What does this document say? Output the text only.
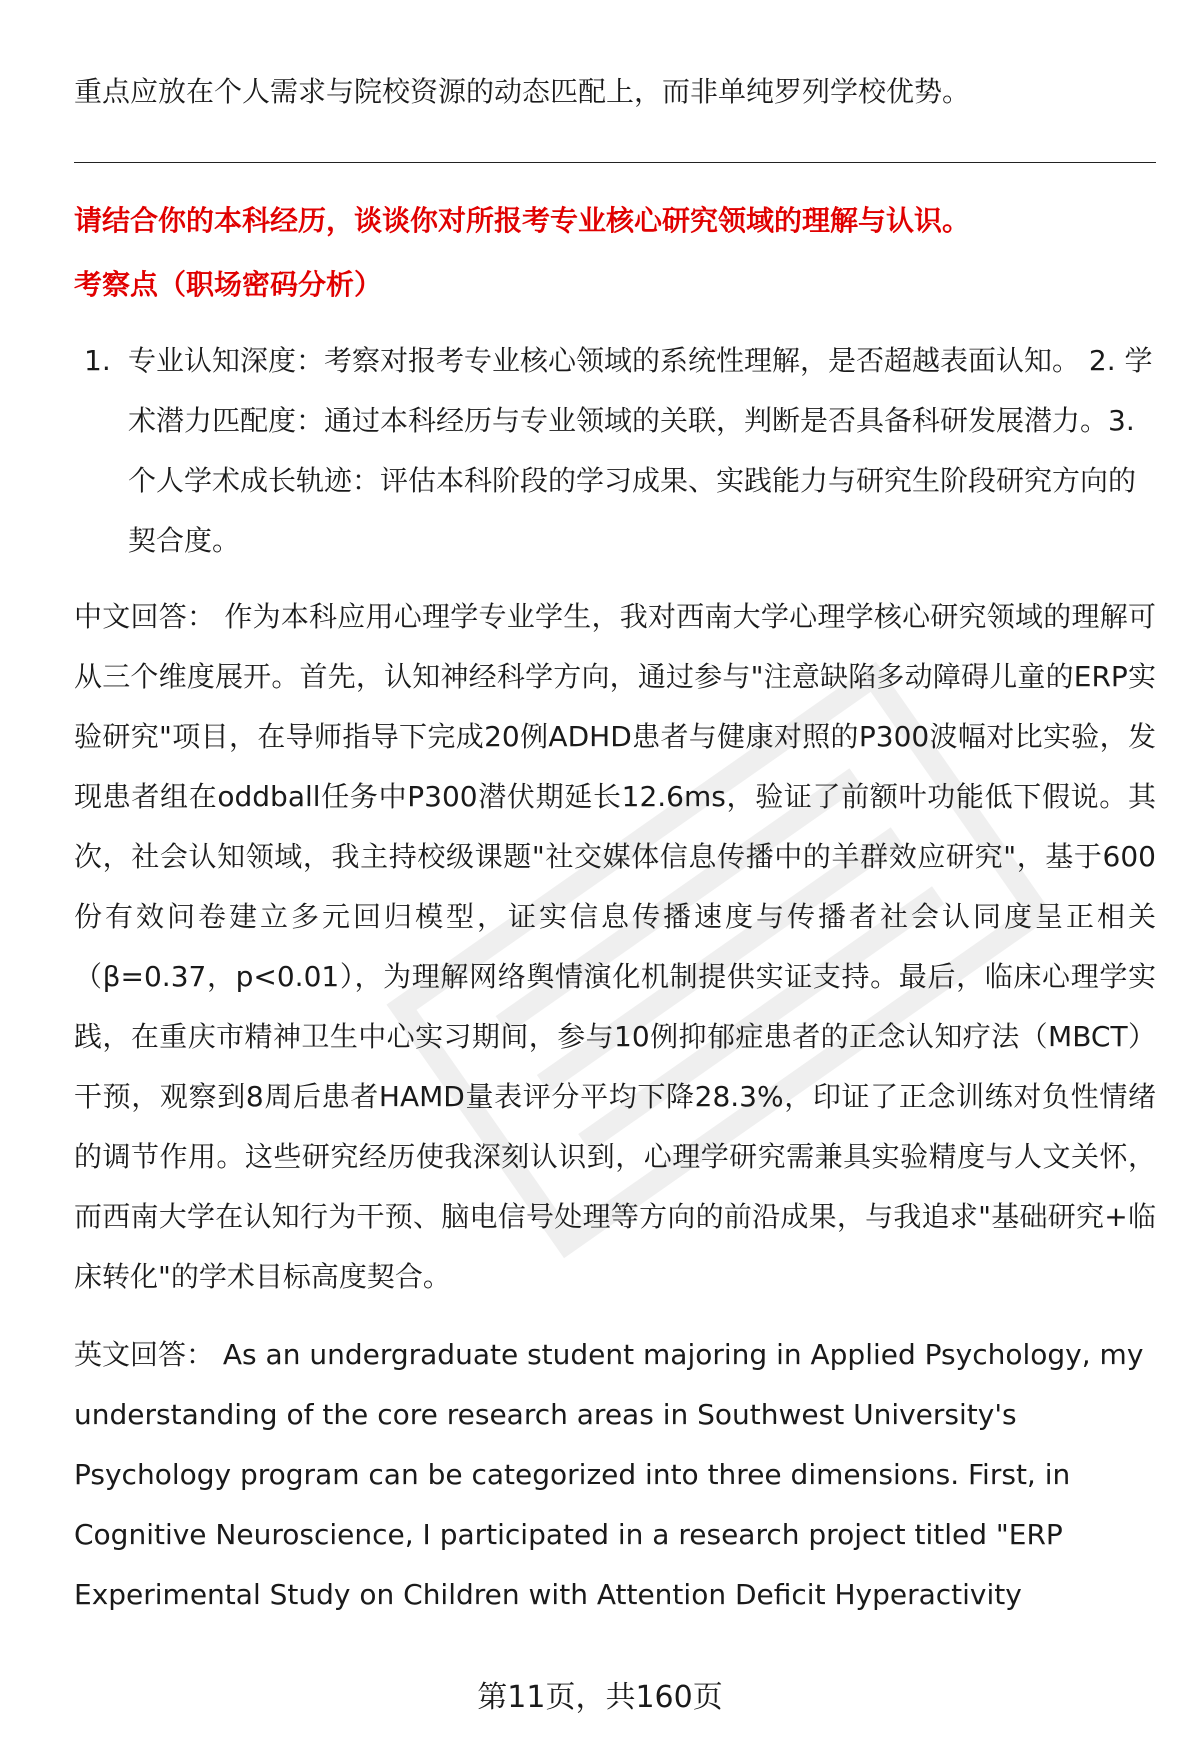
重点应放在个人需求与院校资源的动态匹配上，而非单纯罗列学校优势。

请结合你的本科经历，谈谈你对所报考专业核心研究领域的理解与认识。

考察点（职场密码分析）

1. 专业认知深度：考察对报考专业核心领域的系统性理解，是否超越表面认知。 2. 学术潜力匹配度：通过本科经历与专业领域的关联，判断是否具备科研发展潜力。3. 个人学术成长轨迹：评估本科阶段的学习成果、实践能力与研究生阶段研究方向的契合度。

中文回答： 作为本科应用心理学专业学生，我对西南大学心理学核心研究领域的理解可从三个维度展开。首先，认知神经科学方向，通过参与"注意缺陷多动障碍儿童的ERP实验研究"项目，在导师指导下完成20例ADHD患者与健康对照的P300波幅对比实验，发现患者组在oddball任务中P300潜伏期延长12.6ms，验证了前额叶功能低下假说。其次，社会认知领域，我主持校级课题"社交媒体信息传播中的羊群效应研究"，基于600份有效问卷建立多元回归模型，证实信息传播速度与传播者社会认同度呈正相关（β=0.37，p<0.01），为理解网络舆情演化机制提供实证支持。最后，临床心理学实践，在重庆市精神卫生中心实习期间，参与10例抑郁症患者的正念认知疗法（MBCT）干预，观察到8周后患者HAMD量表评分平均下降28.3%，印证了正念训练对负性情绪的调节作用。这些研究经历使我深刻认识到，心理学研究需兼具实验精度与人文关怀，而西南大学在认知行为干预、脑电信号处理等方向的前沿成果，与我追求"基础研究+临床转化"的学术目标高度契合。

英文回答： As an undergraduate student majoring in Applied Psychology, my understanding of the core research areas in Southwest University's Psychology program can be categorized into three dimensions. First, in Cognitive Neuroscience, I participated in a research project titled "ERP Experimental Study on Children with Attention Deficit Hyperactivity

第11页，共160页
